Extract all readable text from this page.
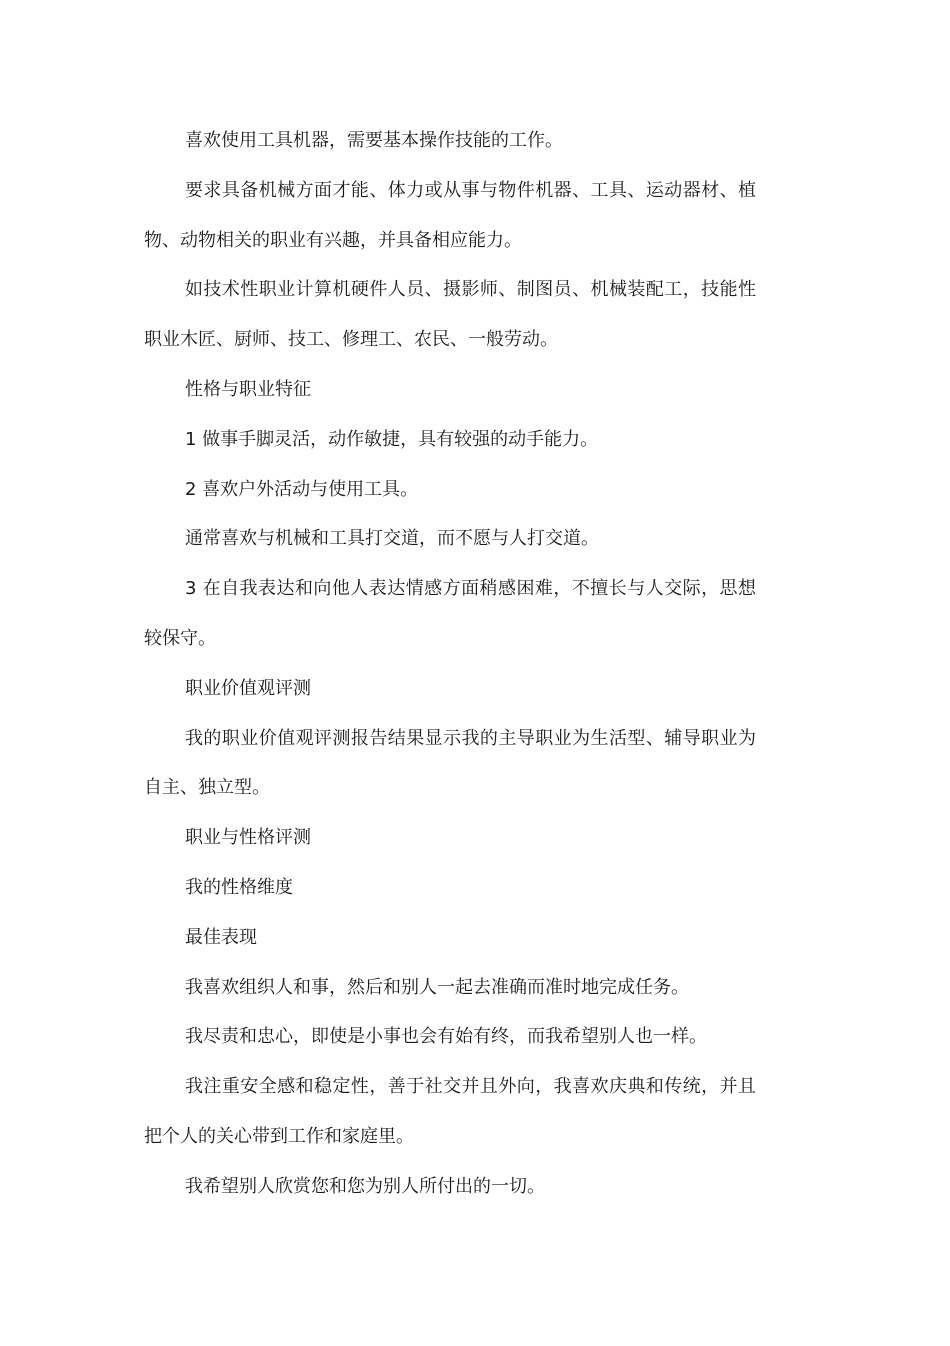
喜欢使用工具机器，需要基本操作技能的工作。

要求具备机械方面才能、体力或从事与物件机器、工具、运动器材、植物、动物相关的职业有兴趣，并具备相应能力。

如技术性职业计算机硬件人员、摄影师、制图员、机械装配工，技能性职业木匠、厨师、技工、修理工、农民、一般劳动。

性格与职业特征

1 做事手脚灵活，动作敏捷，具有较强的动手能力。

2 喜欢户外活动与使用工具。

通常喜欢与机械和工具打交道，而不愿与人打交道。

3 在自我表达和向他人表达情感方面稍感困难，不擅长与人交际，思想较保守。

职业价值观评测

我的职业价值观评测报告结果显示我的主导职业为生活型、辅导职业为自主、独立型。

职业与性格评测

我的性格维度

最佳表现

我喜欢组织人和事，然后和别人一起去准确而准时地完成任务。

我尽责和忠心，即使是小事也会有始有终，而我希望别人也一样。

我注重安全感和稳定性，善于社交并且外向，我喜欢庆典和传统，并且把个人的关心带到工作和家庭里。

我希望别人欣赏您和您为别人所付出的一切。
